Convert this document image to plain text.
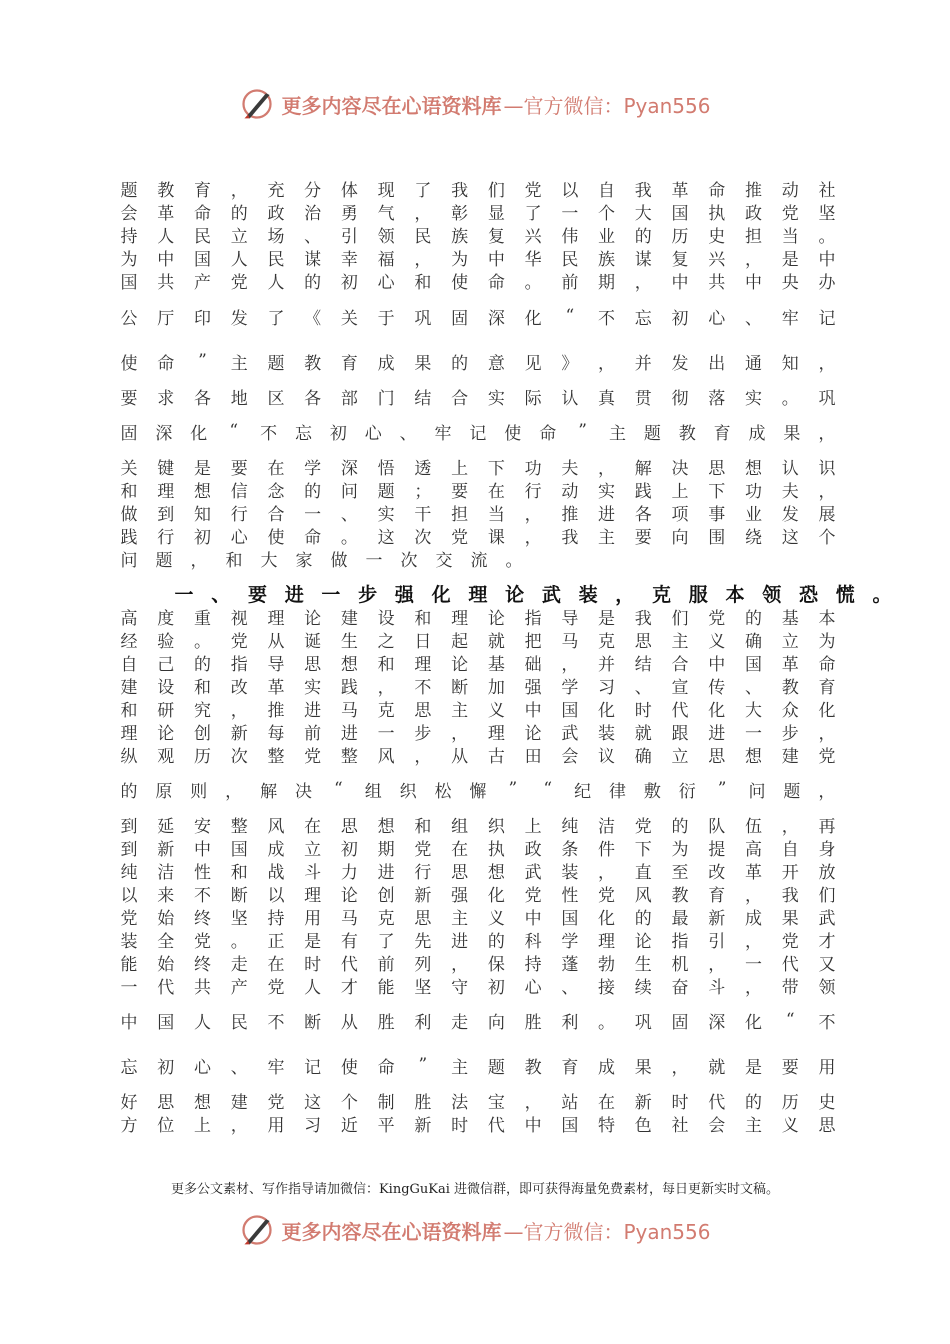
更多内容尽在心语资料库 —官方微信：Pyan556
题 教 育 ， 充 分 体 现 了 我 们 党 以 自 我 革 命 推 动 社
会 革 命 的 政 治 勇 气 ， 彰 显 了 一 个 大 国 执 政 党 坚
持 人 民 立 场 、 引 领 民 族 复 兴 伟 业 的 历 史 担 当 。
为 中 国 人 民 谋 幸 福 ， 为 中 华 民 族 谋 复 兴 ， 是 中
国 共 产 党 人 的 初 心 和 使 命 。 前 期 ， 中 共 中 央 办
公 厅 印 发 了 《 关 于 巩 固 深 化	“	不 忘 初 心 、 牢 记
使 命	”	主 题 教 育 成 果 的 意 见 》 ， 并 发 出 通 知 ，
要 求 各 地 区 各 部 门 结 合 实 际 认 真 贯 彻 落 实 。 巩
固 深 化	“	不 忘 初 心 、 牢 记 使 命	”	主 题 教 育 成 果 ，
关 键 是 要 在 学 深 悟 透 上 下 功 夫 ， 解 决 思 想 认 识
和 理 想 信 念 的 问 题 ； 要 在 行 动 实 践 上 下 功 夫 ，
做 到 知 行 合 一 、 实 干 担 当 ， 推 进 各 项 事 业 发 展
践 行 初 心 使 命 。 这 次 党 课 ， 我 主 要 向 围 绕 这 个
问 题 ， 和 大 家 做 一 次 交 流 。
一 、 要 进 一 步 强 化 理 论 武 装 ， 克 服 本 领 恐 慌 。
高 度 重 视 理 论 建 设 和 理 论 指 导 是 我 们 党 的 基 本
经 验 。 党 从 诞 生 之 日 起 就 把 马 克 思 主 义 确 立 为
自 己 的 指 导 思 想 和 理 论 基 础 ， 并 结 合 中 国 革 命
建 设 和 改 革 实 践 ， 不 断 加 强 学 习 、 宣 传 、 教 育
和 研 究 ， 推 进 马 克 思 主 义 中 国 化 时 代 化 大 众 化
理 论 创 新 每 前 进 一 步 ， 理 论 武 装 就 跟 进 一 步 ，
纵 观 历 次 整 党 整 风 ， 从 古 田 会 议 确 立 思 想 建 党
的 原 则 ， 解 决	“	组 织 松 懈	”	“	纪 律 敷 衍	”	问 题 ，
到 延 安 整 风 在 思 想 和 组 织 上 纯 洁 党 的 队 伍 ， 再
到 新 中 国 成 立 初 期 党 在 执 政 条 件 下 为 提 高 自 身
纯 洁 性 和 战 斗 力 进 行 思 想 武 装 ， 直 至 改 革 开 放
以 来 不 断 以 理 论 创 新 强 化 党 性 党 风 教 育 ， 我 们
党 始 终 坚 持 用 马 克 思 主 义 中 国 化 的 最 新 成 果 武
装 全 党 。 正 是 有 了 先 进 的 科 学 理 论 指 引 ， 党 才
能 始 终 走 在 时 代 前 列 ， 保 持 蓬 勃 生 机 ， 一 代 又
一 代 共 产 党 人 才 能 坚 守 初 心 、 接 续 奋 斗 ， 带 领
中 国 人 民 不 断 从 胜 利 走 向 胜 利 。 巩 固 深 化	“	不
忘 初 心 、 牢 记 使 命	”	主 题 教 育 成 果 ， 就 是 要 用
好 思 想 建 党 这 个 制 胜 法 宝 ， 站 在 新 时 代 的 历 史
方 位 上 ， 用 习 近 平 新 时 代 中 国 特 色 社 会 主 义 思
更多公文素材、写作指导请加微信：KingGuKai 进微信群，即可获得海量免费素材，每日更新实时文稿。
更多内容尽在心语资料库 —官方微信：Pyan556
